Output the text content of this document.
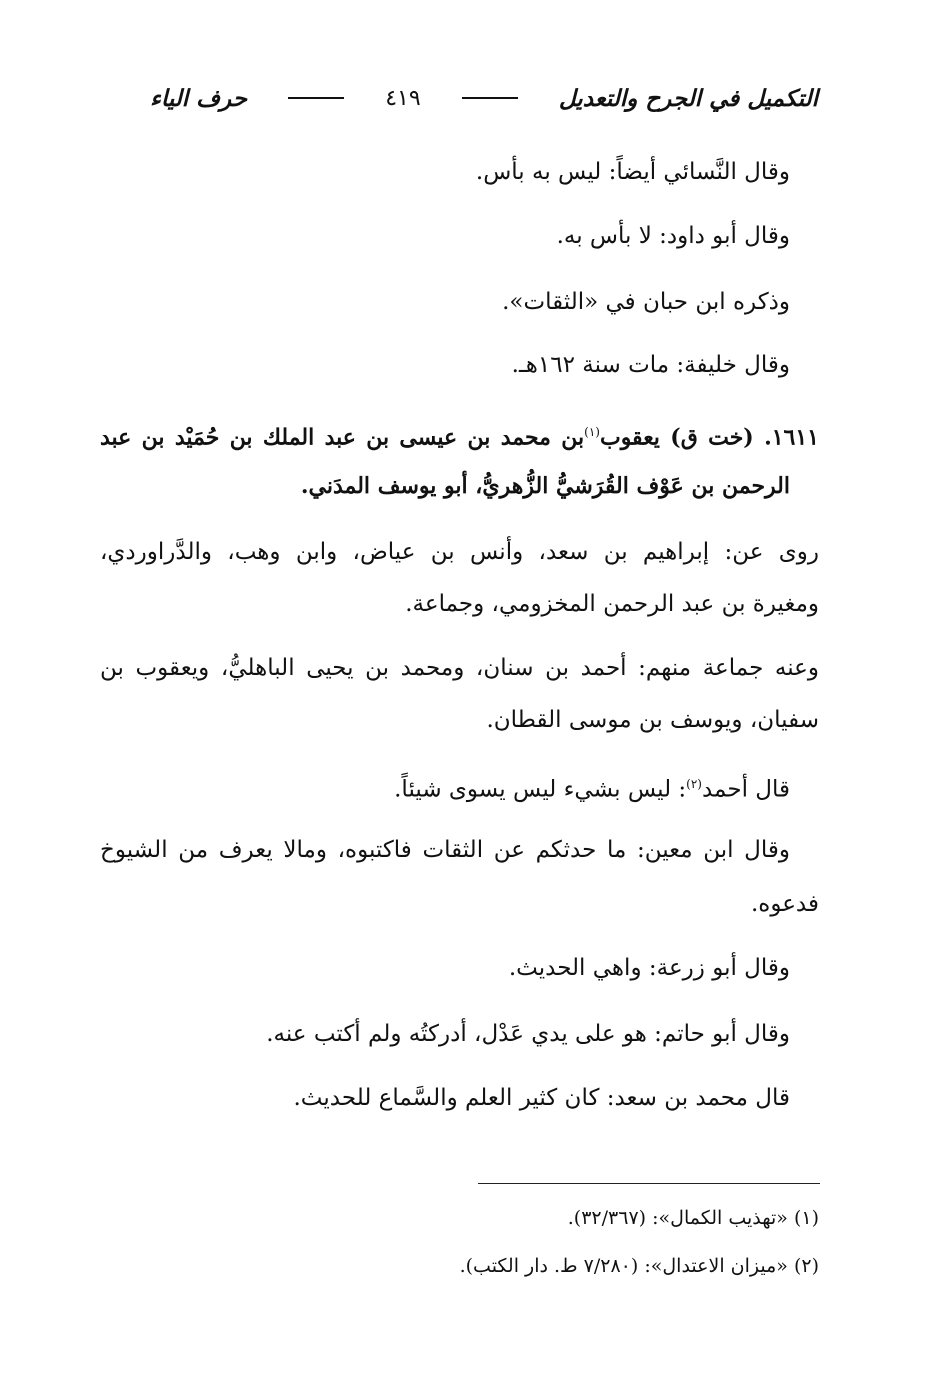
التكميل في الجرح والتعديل
٤١٩
حرف الياء
وقال النَّسائي أيضاً: ليس به بأس.
وقال أبو داود: لا بأس به.
وذكره ابن حبان في «الثقات».
وقال خليفة: مات سنة ١٦٢هـ.
١٦١١. (خت ق) يعقوب$^{(١)}$بن محمد بن عيسى بن عبد الملك بن حُمَيْد بن عبد
الرحمن بن عَوْف القُرَشيُّ الزُّهريُّ، أبو يوسف المدَني.
روى عن: إبراهيم بن سعد، وأنس بن عياض، وابن وهب، والدَّراوردي،
ومغيرة بن عبد الرحمن المخزومي، وجماعة.
وعنه جماعة منهم: أحمد بن سنان، ومحمد بن يحيى الباهليُّ، ويعقوب بن
سفيان، ويوسف بن موسى القطان.
قال أحمد$^{(٢)}$: ليس بشيء ليس يسوى شيئاً.
وقال ابن معين: ما حدثكم عن الثقات فاكتبوه، ومالا يعرف من الشيوخ
فدعوه.
وقال أبو زرعة: واهي الحديث.
وقال أبو حاتم: هو على يدي عَدْل، أدركتُه ولم أكتب عنه.
قال محمد بن سعد: كان كثير العلم والسَّماع للحديث.
(١) «تهذيب الكمال»: (٣٢/٣٦٧).
(٢) «ميزان الاعتدال»: (٧/٢٨٠ ط. دار الكتب).
